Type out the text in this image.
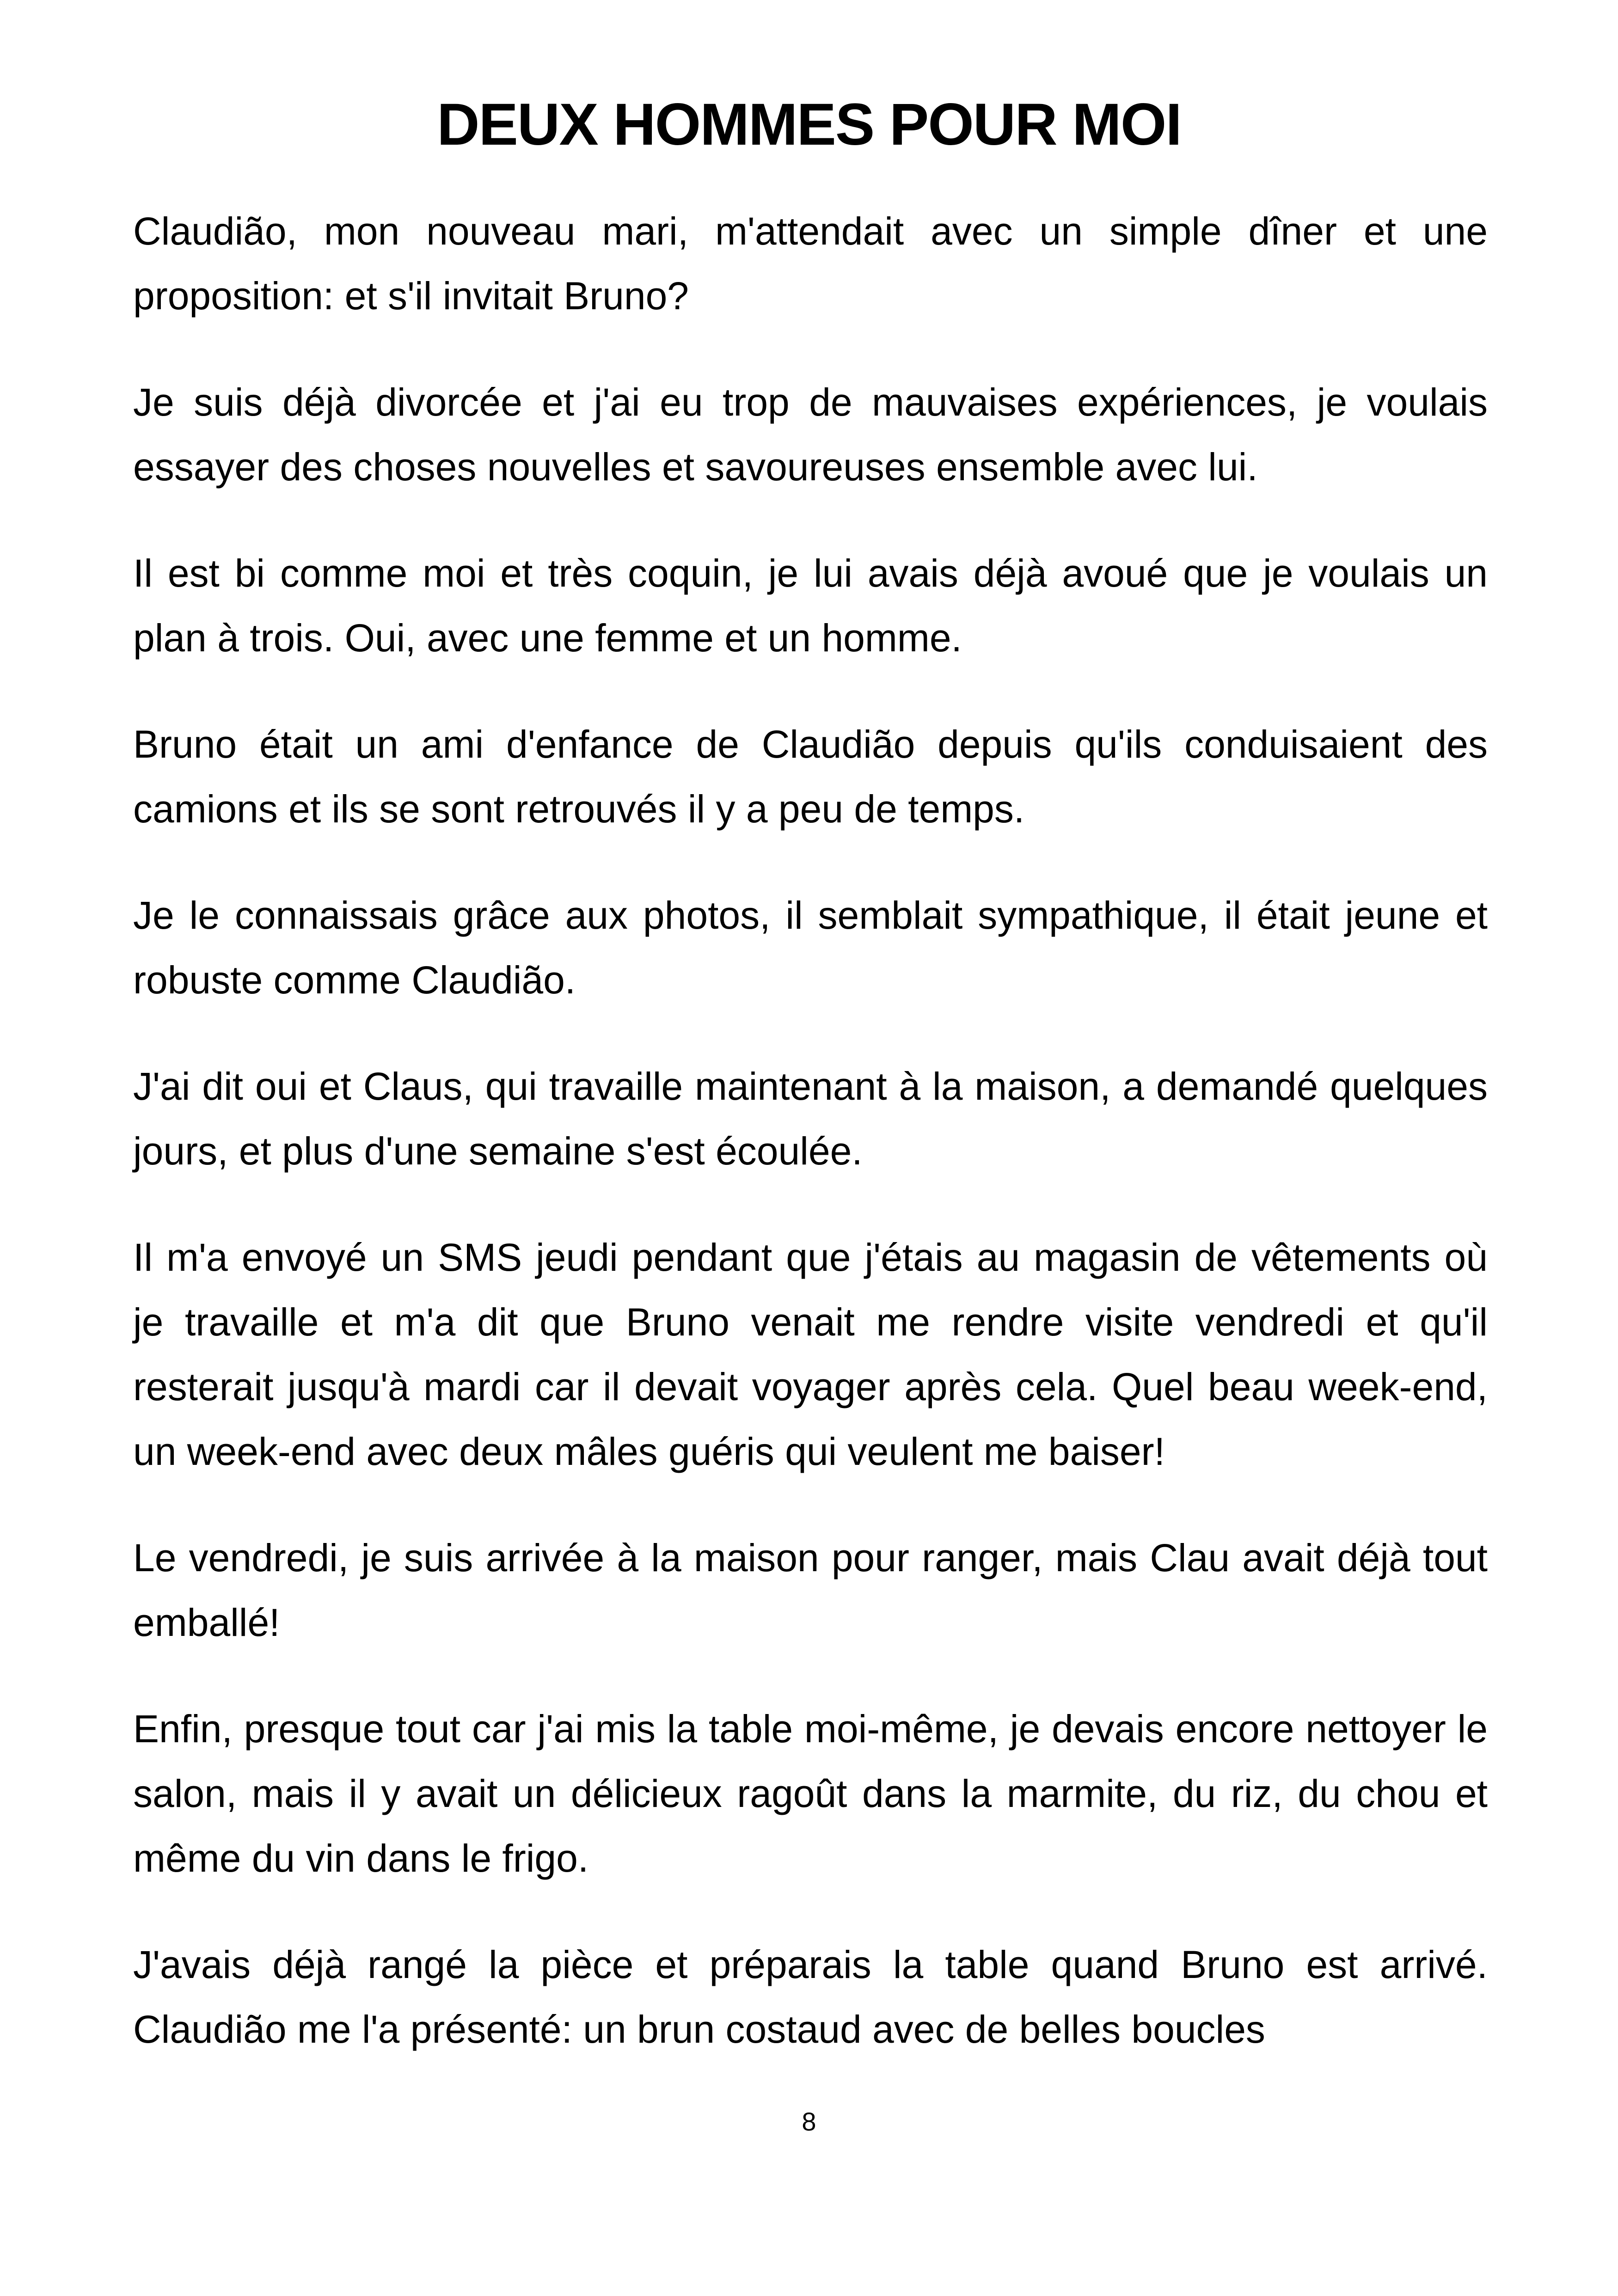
DEUX HOMMES POUR MOI

Claudião, mon nouveau mari, m'attendait avec un simple dîner et une proposition: et s'il invitait Bruno?

Je suis déjà divorcée et j'ai eu trop de mauvaises expériences, je voulais essayer des choses nouvelles et savoureuses ensemble avec lui.

Il est bi comme moi et très coquin, je lui avais déjà avoué que je voulais un plan à trois. Oui, avec une femme et un homme.

Bruno était un ami d'enfance de Claudião depuis qu'ils conduisaient des camions et ils se sont retrouvés il y a peu de temps.

Je le connaissais grâce aux photos, il semblait sympathique, il était jeune et robuste comme Claudião.

J'ai dit oui et Claus, qui travaille maintenant à la maison, a demandé quelques jours, et plus d'une semaine s'est écoulée.

Il m'a envoyé un SMS jeudi pendant que j'étais au magasin de vêtements où je travaille et m'a dit que Bruno venait me rendre visite vendredi et qu'il resterait jusqu'à mardi car il devait voyager après cela. Quel beau week-end, un week-end avec deux mâles guéris qui veulent me baiser!

Le vendredi, je suis arrivée à la maison pour ranger, mais Clau avait déjà tout emballé!

Enfin, presque tout car j'ai mis la table moi-même, je devais encore nettoyer le salon, mais il y avait un délicieux ragoût dans la marmite, du riz, du chou et même du vin dans le frigo.

J'avais déjà rangé la pièce et préparais la table quand Bruno est arrivé. Claudião me l'a présenté: un brun costaud avec de belles boucles

8
